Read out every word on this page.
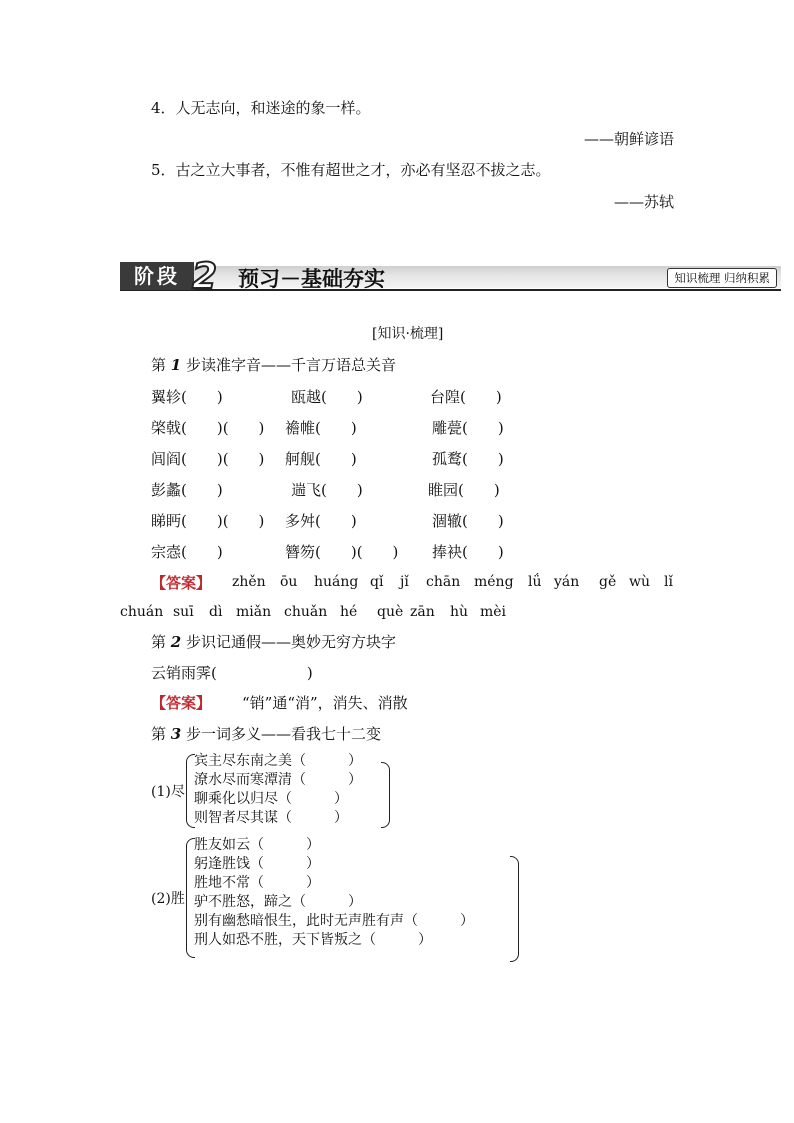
4．人无志向，和迷途的象一样。
——朝鲜谚语
5．古之立大事者，不惟有超世之才，亦必有坚忍不拔之志。
——苏轼
阶段 2 预习－基础夯实	知识梳理 归纳积累
[知识·梳理]
第 1 步读准字音——千言万语总关音
翼轸(　　)	瓯越(　　)	台隍(　　)
棨戟(　　)(　　) 襜帷(　　)	雕甍(　　)
闾阎(　　)(　　) 舸舰(　　)	孤鹜(　　)
彭蠡(　　)	遄飞(　　)	睢园(　　)
睇眄(　　)(　　) 多舛(　　)	涸辙(　　)
宗悫(　　)	簪笏(　　)(　　) 捧袂(　　)
【答案】 zhěn ōu huáng qǐ jǐ chān méng lǘ yán gě wù lǐ
chuán suī dì miǎn chuǎn hé què zān hù mèi
第 2 步识记通假——奥妙无穷方块字
云销雨霁(　　　　　　)
【答案】 “销”通“消”，消失、消散
第 3 步一词多义——看我七十二变
(1)尽
宾主尽东南之美（　　　）
潦水尽而寒潭清（　　　）
聊乘化以归尽（　　　）
则智者尽其谋（　　　）
(2)胜
胜友如云（　　　）
躬逢胜饯（　　　）
胜地不常（　　　）
驴不胜怒，蹄之（　　　）
别有幽愁暗恨生，此时无声胜有声（　　　）
刑人如恐不胜，天下皆叛之（　　　）
